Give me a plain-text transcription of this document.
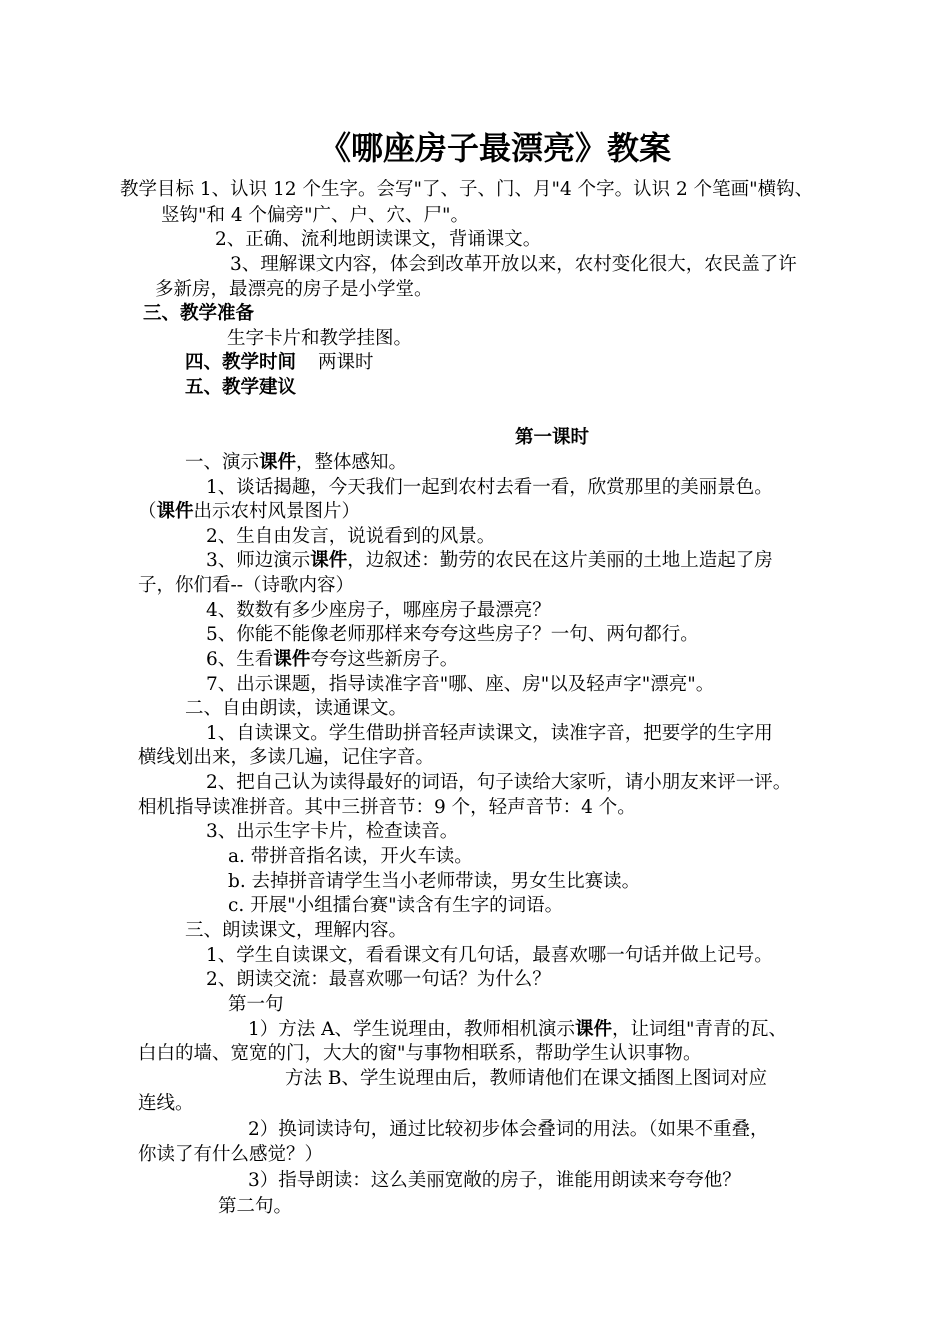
《哪座房子最漂亮》教案
教学目标 1、认识 12 个生字。会写"了、子、门、月"4 个字。认识 2 个笔画"横钩、
竖钩"和 4 个偏旁"广、户、穴、尸"。
2、正确、流利地朗读课文，背诵课文。
3、理解课文内容，体会到改革开放以来，农村变化很大，农民盖了许
多新房，最漂亮的房子是小学堂。
三、教学准备
生字卡片和教学挂图。
四、教学时间 两课时
五、教学建议
第一课时
一、演示课件，整体感知。
1、谈话揭趣，今天我们一起到农村去看一看，欣赏那里的美丽景色。
（课件出示农村风景图片）
2、生自由发言，说说看到的风景。
3、师边演示课件，边叙述：勤劳的农民在这片美丽的土地上造起了房
子，你们看--（诗歌内容）
4、数数有多少座房子，哪座房子最漂亮？
5、你能不能像老师那样来夸夸这些房子？一句、两句都行。
6、生看课件夸夸这些新房子。
7、出示课题，指导读准字音"哪、座、房"以及轻声字"漂亮"。
二、自由朗读，读通课文。
1、自读课文。学生借助拼音轻声读课文，读准字音，把要学的生字用
横线划出来，多读几遍，记住字音。
2、把自己认为读得最好的词语，句子读给大家听，请小朋友来评一评。
相机指导读准拼音。其中三拼音节：9 个，轻声音节：4 个。
3、出示生字卡片，检查读音。
a. 带拼音指名读，开火车读。
b. 去掉拼音请学生当小老师带读，男女生比赛读。
c. 开展"小组擂台赛"读含有生字的词语。
三、朗读课文，理解内容。
1、学生自读课文，看看课文有几句话，最喜欢哪一句话并做上记号。
2、朗读交流：最喜欢哪一句话？为什么？
第一句
1）方法 A、学生说理由，教师相机演示课件，让词组"青青的瓦、
白白的墙、宽宽的门，大大的窗"与事物相联系，帮助学生认识事物。
方法 B、学生说理由后，教师请他们在课文插图上图词对应
连线。
2）换词读诗句，通过比较初步体会叠词的用法。（如果不重叠，
你读了有什么感觉？）
3）指导朗读：这么美丽宽敞的房子，谁能用朗读来夸夸他？
第二句。
